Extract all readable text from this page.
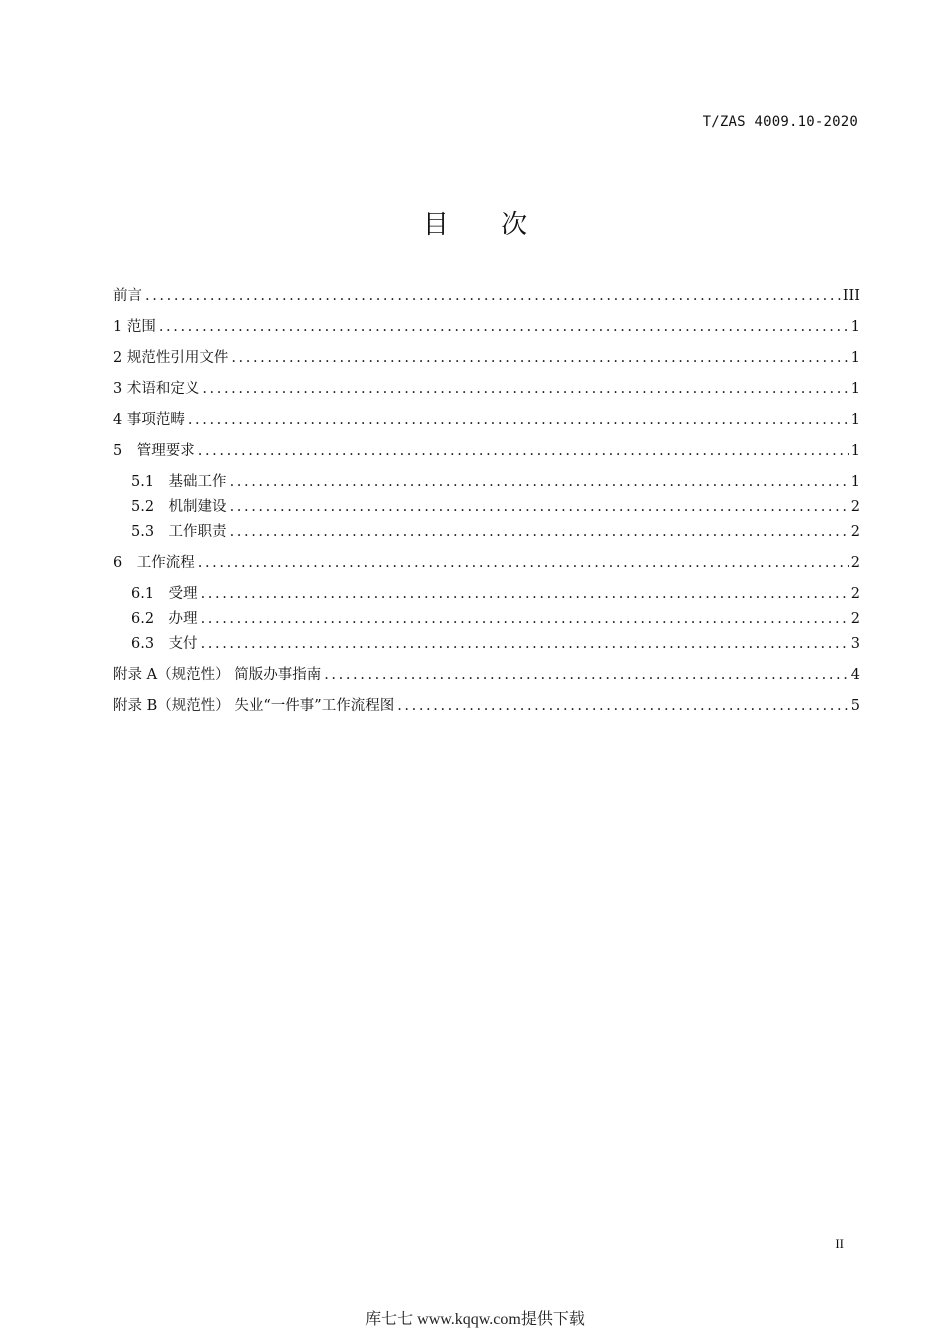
T/ZAS 4009.10-2020
目 次
前言 .....	III
1 范围 .....	1
2 规范性引用文件 .....	1
3 术语和定义 .....	1
4 事项范畴 .....	1
5　管理要求 .....	1
5.1　基础工作 .....	1
5.2　机制建设 .....	2
5.3　工作职责 .....	2
6　工作流程 .....	2
6.1　受理 .....	2
6.2　办理 .....	2
6.3　支付 .....	3
附录 A（规范性） 简版办事指南 .....	4
附录 B（规范性） 失业“一件事”工作流程图 .....	5
II
库七七 www.kqqw.com提供下载
